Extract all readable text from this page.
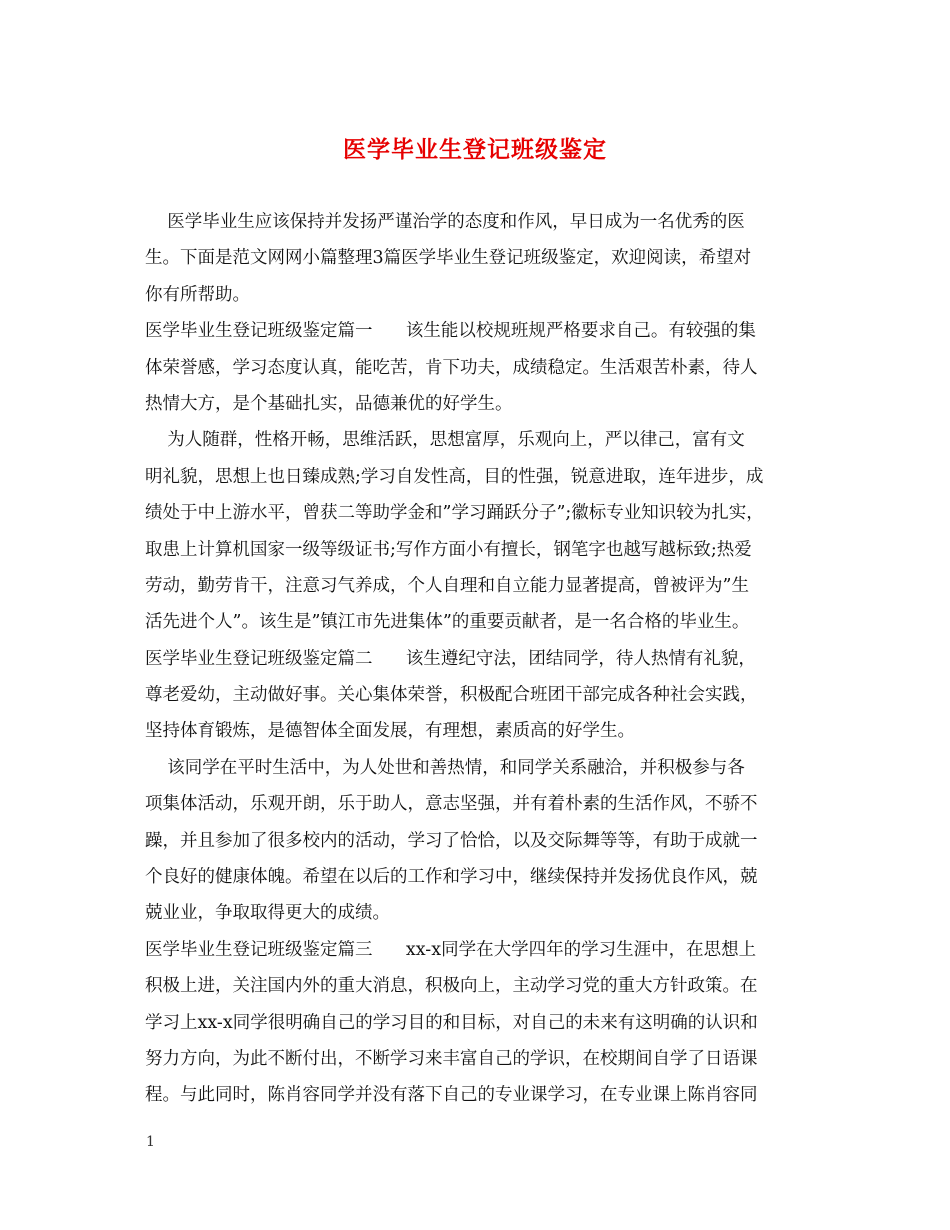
医学毕业生登记班级鉴定
医学毕业生应该保持并发扬严谨治学的态度和作风，早日成为一名优秀的医
生。下面是范文网网小篇整理3篇医学毕业生登记班级鉴定，欢迎阅读，希望对
你有所帮助。
医学毕业生登记班级鉴定篇一      该生能以校规班规严格要求自己。有较强的集
体荣誉感，学习态度认真，能吃苦，肯下功夫，成绩稳定。生活艰苦朴素，待人
热情大方，是个基础扎实，品德兼优的好学生。
为人随群，性格开畅，思维活跃，思想富厚，乐观向上，严以律己，富有文
明礼貌，思想上也日臻成熟;学习自发性高，目的性强，锐意进取，连年进步，成
绩处于中上游水平，曾获二等助学金和”学习踊跃分子”;徽标专业知识较为扎实，
取患上计算机国家一级等级证书;写作方面小有擅长，钢笔字也越写越标致;热爱
劳动，勤劳肯干，注意习气养成，个人自理和自立能力显著提高，曾被评为”生
活先进个人”。该生是”镇江市先进集体”的重要贡献者，是一名合格的毕业生。
医学毕业生登记班级鉴定篇二      该生遵纪守法，团结同学，待人热情有礼貌，
尊老爱幼，主动做好事。关心集体荣誉，积极配合班团干部完成各种社会实践，
坚持体育锻炼，是德智体全面发展，有理想，素质高的好学生。
该同学在平时生活中，为人处世和善热情，和同学关系融洽，并积极参与各
项集体活动，乐观开朗，乐于助人，意志坚强，并有着朴素的生活作风，不骄不
躁，并且参加了很多校内的活动，学习了恰恰，以及交际舞等等，有助于成就一
个良好的健康体魄。希望在以后的工作和学习中，继续保持并发扬优良作风，兢
兢业业，争取取得更大的成绩。
医学毕业生登记班级鉴定篇三      xx-x同学在大学四年的学习生涯中，在思想上
积极上进，关注国内外的重大消息，积极向上，主动学习党的重大方针政策。在
学习上xx-x同学很明确自己的学习目的和目标，对自己的未来有这明确的认识和
努力方向，为此不断付出，不断学习来丰富自己的学识，在校期间自学了日语课
程。与此同时，陈肖容同学并没有落下自己的专业课学习，在专业课上陈肖容同
1
